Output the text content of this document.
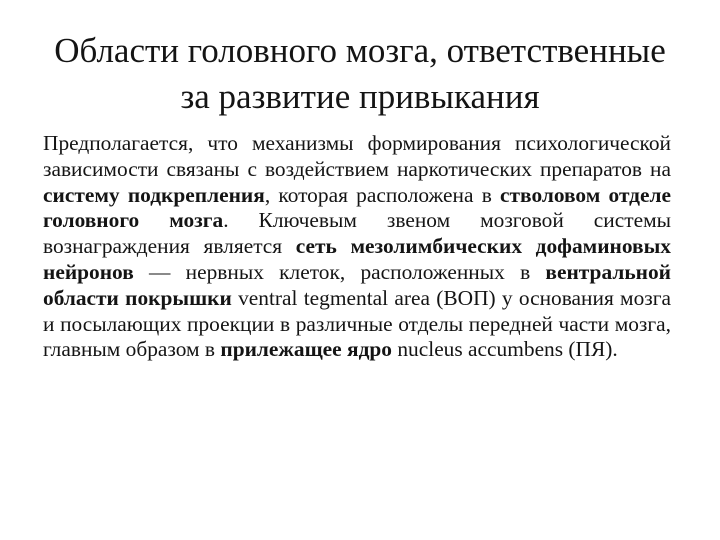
Области головного мозга, ответственные
за развитие привыкания

Предполагается, что механизмы формирования психологической зависимости связаны с воздействием наркотических препаратов на систему подкрепления, которая расположена в стволовом отделе головного мозга. Ключевым звеном мозговой системы вознаграждения является сеть мезолимбических дофаминовых нейронов — нервных клеток, расположенных в вентральной области покрышки ventral tegmental area (ВОП) у основания мозга и посылающих проекции в различные отделы передней части мозга, главным образом в прилежащее ядро nucleus accumbens (ПЯ).
